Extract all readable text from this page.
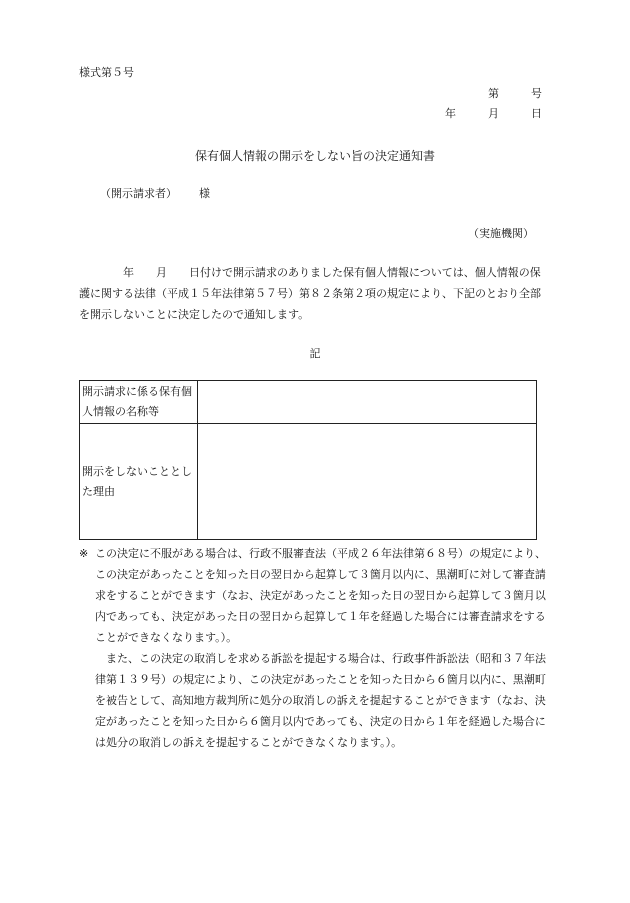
様式第５号
第	号
年	月	日
保有個人情報の開示をしない旨の決定通知書
（開示請求者） 様
（実施機関）
　　　　年　　月　　日付けで開示請求のありました保有個人情報については、個人情報の保護に関する法律（平成１５年法律第５７号）第８２条第２項の規定により、下記のとおり全部を開示しないことに決定したので通知します。
記
開示請求に係る保有個人情報の名称等	
開示をしないこととした理由	
※ この決定に不服がある場合は、行政不服審査法（平成２６年法律第６８号）の規定により、この決定があったことを知った日の翌日から起算して３箇月以内に、黒潮町に対して審査請求をすることができます（なお、決定があったことを知った日の翌日から起算して３箇月以内であっても、決定があった日の翌日から起算して１年を経過した場合には審査請求をすることができなくなります。）。
また、この決定の取消しを求める訴訟を提起する場合は、行政事件訴訟法（昭和３７年法律第１３９号）の規定により、この決定があったことを知った日から６箇月以内に、黒潮町を被告として、高知地方裁判所に処分の取消しの訴えを提起することができます（なお、決定があったことを知った日から６箇月以内であっても、決定の日から１年を経過した場合には処分の取消しの訴えを提起することができなくなります。）。
